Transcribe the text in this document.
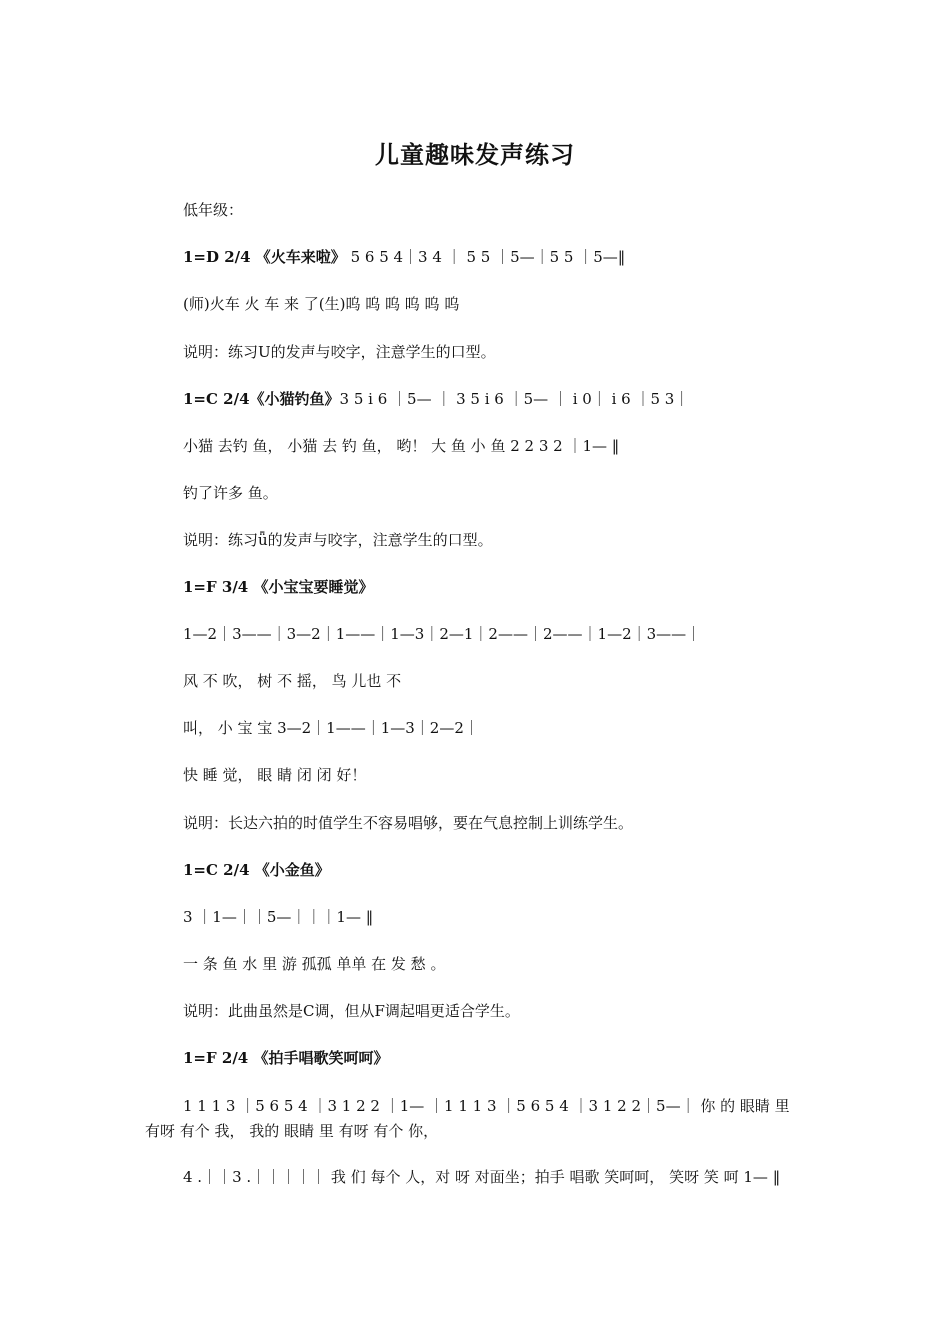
儿童趣味发声练习
低年级：
1=D 2/4 《火车来啦》 5 6 5 4｜3 4 ｜ 5 5 ｜5—｜5 5 ｜5—‖
(师)火车 火 车 来 了(生)呜 呜 呜 呜 呜 呜
说明：练习U的发声与咬字，注意学生的口型。
1=C 2/4《小猫钓鱼》3 5 i 6 ｜5— ｜ 3 5 i 6 ｜5— ｜ i 0｜ i 6 ｜5 3｜
小猫 去钓 鱼， 小猫 去 钓 鱼， 哟！ 大 鱼 小 鱼 2 2 3 2 ｜1— ‖
钓了许多 鱼。
说明：练习ǖ的发声与咬字，注意学生的口型。
1=F 3/4 《小宝宝要睡觉》
1—2｜3——｜3—2｜1——｜1—3｜2—1｜2——｜2——｜1—2｜3——｜
风 不 吹， 树 不 摇， 鸟 儿也 不
叫， 小 宝 宝 3—2｜1——｜1—3｜2—2｜
快 睡 觉， 眼 睛 闭 闭 好！
说明：长达六拍的时值学生不容易唱够，要在气息控制上训练学生。
1=C 2/4 《小金鱼》
3 ｜1—｜｜5—｜｜｜1— ‖
一 条 鱼 水 里 游 孤孤 单单 在 发 愁 。
说明：此曲虽然是C调，但从F调起唱更适合学生。
1=F 2/4 《拍手唱歌笑呵呵》
1 1 1 3 ｜5 6 5 4 ｜3 1 2 2 ｜1— ｜1 1 1 3 ｜5 6 5 4 ｜3 1 2 2｜5—｜ 你 的 眼睛 里 有呀 有个 我， 我的 眼睛 里 有呀 有个 你，
4 .｜｜3 .｜｜｜｜｜ 我 们 每个 人，对 呀 对面坐；拍手 唱歌 笑呵呵， 笑呀 笑 呵 1— ‖
